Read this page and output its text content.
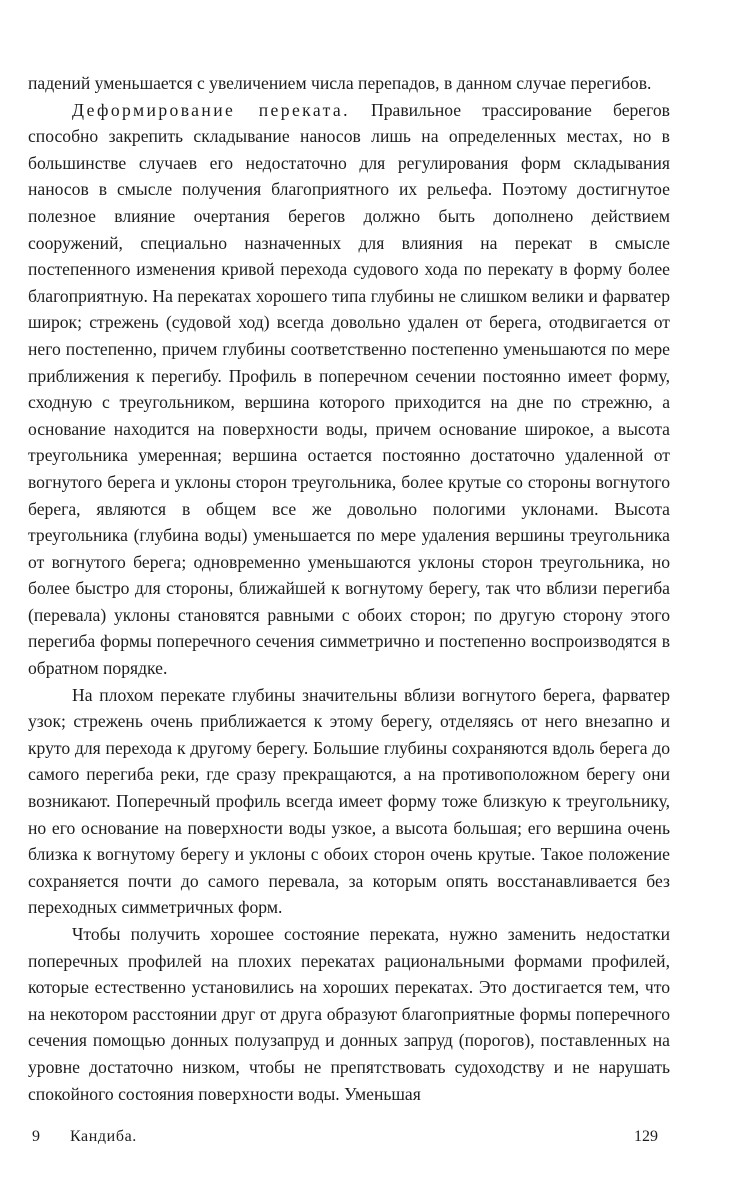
падений уменьшается с увеличением числа перепадов, в данном случае перегибов.

Деформирование переката. Правильное трассирование берегов способно закрепить складывание наносов лишь на определенных местах, но в большинстве случаев его недостаточно для регулирования форм складывания наносов в смысле получения благоприятного их рельефа. Поэтому достигнутое полезное влияние очертания берегов должно быть дополнено действием сооружений, специально назначенных для влияния на перекат в смысле постепенного изменения кривой перехода судового хода по перекату в форму более благоприятную. На перекатах хорошего типа глубины не слишком велики и фарватер широк; стрежень (судовой ход) всегда довольно удален от берега, отодвигается от него постепенно, причем глубины соответственно постепенно уменьшаются по мере приближения к перегибу. Профиль в поперечном сечении постоянно имеет форму, сходную с треугольником, вершина которого приходится на дне по стрежню, а основание находится на поверхности воды, причем основание широкое, а высота треугольника умеренная; вершина остается постоянно достаточно удаленной от вогнутого берега и уклоны сторон треугольника, более крутые со стороны вогнутого берега, являются в общем все же довольно пологими уклонами. Высота треугольника (глубина воды) уменьшается по мере удаления вершины треугольника от вогнутого берега; одновременно уменьшаются уклоны сторон треугольника, но более быстро для стороны, ближайшей к вогнутому берегу, так что вблизи перегиба (перевала) уклоны становятся равными с обоих сторон; по другую сторону этого перегиба формы поперечного сечения симметрично и постепенно воспроизводятся в обратном порядке.

На плохом перекате глубины значительны вблизи вогнутого берега, фарватер узок; стрежень очень приближается к этому берегу, отделяясь от него внезапно и круто для перехода к другому берегу. Большие глубины сохраняются вдоль берега до самого перегиба реки, где сразу прекращаются, а на противоположном берегу они возникают. Поперечный профиль всегда имеет форму тоже близкую к треугольнику, но его основание на поверхности воды узкое, а высота большая; его вершина очень близка к вогнутому берегу и уклоны с обоих сторон очень крутые. Такое положение сохраняется почти до самого перевала, за которым опять восстанавливается без переходных симметричных форм.

Чтобы получить хорошее состояние переката, нужно заменить недостатки поперечных профилей на плохих перекатах рациональными формами профилей, которые естественно установились на хороших перекатах. Это достигается тем, что на некотором расстоянии друг от друга образуют благоприятные формы поперечного сечения помощью донных полузапруд и донных запруд (порогов), поставленных на уровне достаточно низком, чтобы не препятствовать судоходству и не нарушать спокойного состояния поверхности воды. Уменьшая

9 Кандиба.	129
